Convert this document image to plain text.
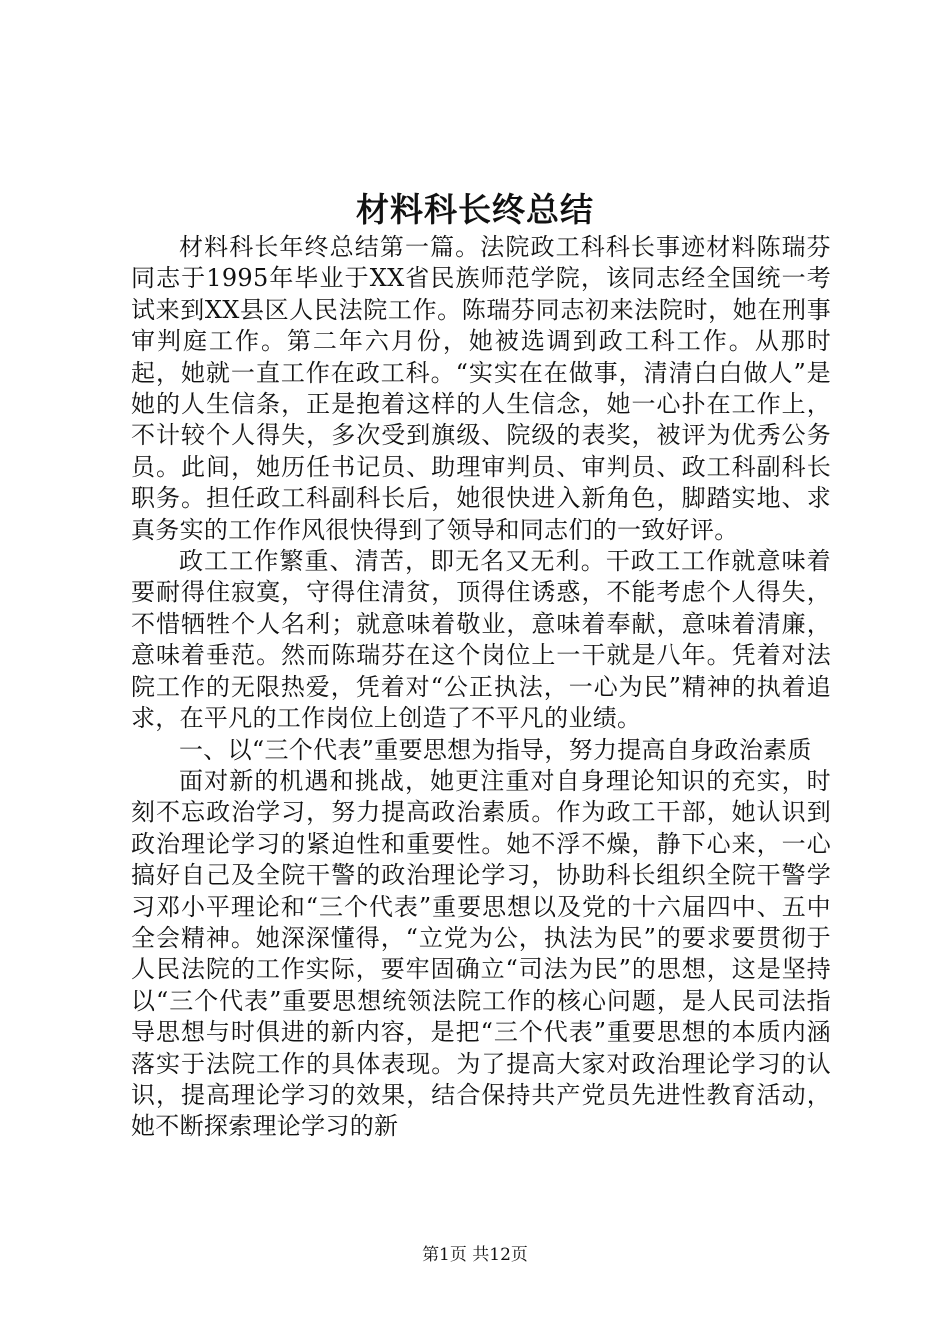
材料科长终总结

材料科长年终总结第一篇。法院政工科科长事迹材料陈瑞芬同志于1995年毕业于XX省民族师范学院，该同志经全国统一考试来到XX县区人民法院工作。陈瑞芬同志初来法院时，她在刑事审判庭工作。第二年六月份，她被选调到政工科工作。从那时起，她就一直工作在政工科。“实实在在做事，清清白白做人”是她的人生信条，正是抱着这样的人生信念，她一心扑在工作上，不计较个人得失，多次受到旗级、院级的表奖，被评为优秀公务员。此间，她历任书记员、助理审判员、审判员、政工科副科长职务。担任政工科副科长后，她很快进入新角色，脚踏实地、求真务实的工作作风很快得到了领导和同志们的一致好评。

政工工作繁重、清苦，即无名又无利。干政工工作就意味着要耐得住寂寞，守得住清贫，顶得住诱惑，不能考虑个人得失，不惜牺牲个人名利；就意味着敬业，意味着奉献，意味着清廉，意味着垂范。然而陈瑞芬在这个岗位上一干就是八年。凭着对法院工作的无限热爱，凭着对“公正执法，一心为民”精神的执着追求，在平凡的工作岗位上创造了不平凡的业绩。

一、以“三个代表”重要思想为指导，努力提高自身政治素质

面对新的机遇和挑战，她更注重对自身理论知识的充实，时刻不忘政治学习，努力提高政治素质。作为政工干部，她认识到政治理论学习的紧迫性和重要性。她不浮不燥，静下心来，一心搞好自己及全院干警的政治理论学习，协助科长组织全院干警学习邓小平理论和“三个代表”重要思想以及党的十六届四中、五中全会精神。她深深懂得，“立党为公，执法为民”的要求要贯彻于人民法院的工作实际，要牢固确立“司法为民”的思想，这是坚持以“三个代表”重要思想统领法院工作的核心问题，是人民司法指导思想与时俱进的新内容，是把“三个代表”重要思想的本质内涵落实于法院工作的具体表现。为了提高大家对政治理论学习的认识，提高理论学习的效果，结合保持共产党员先进性教育活动，她不断探索理论学习的新

第1页 共12页
